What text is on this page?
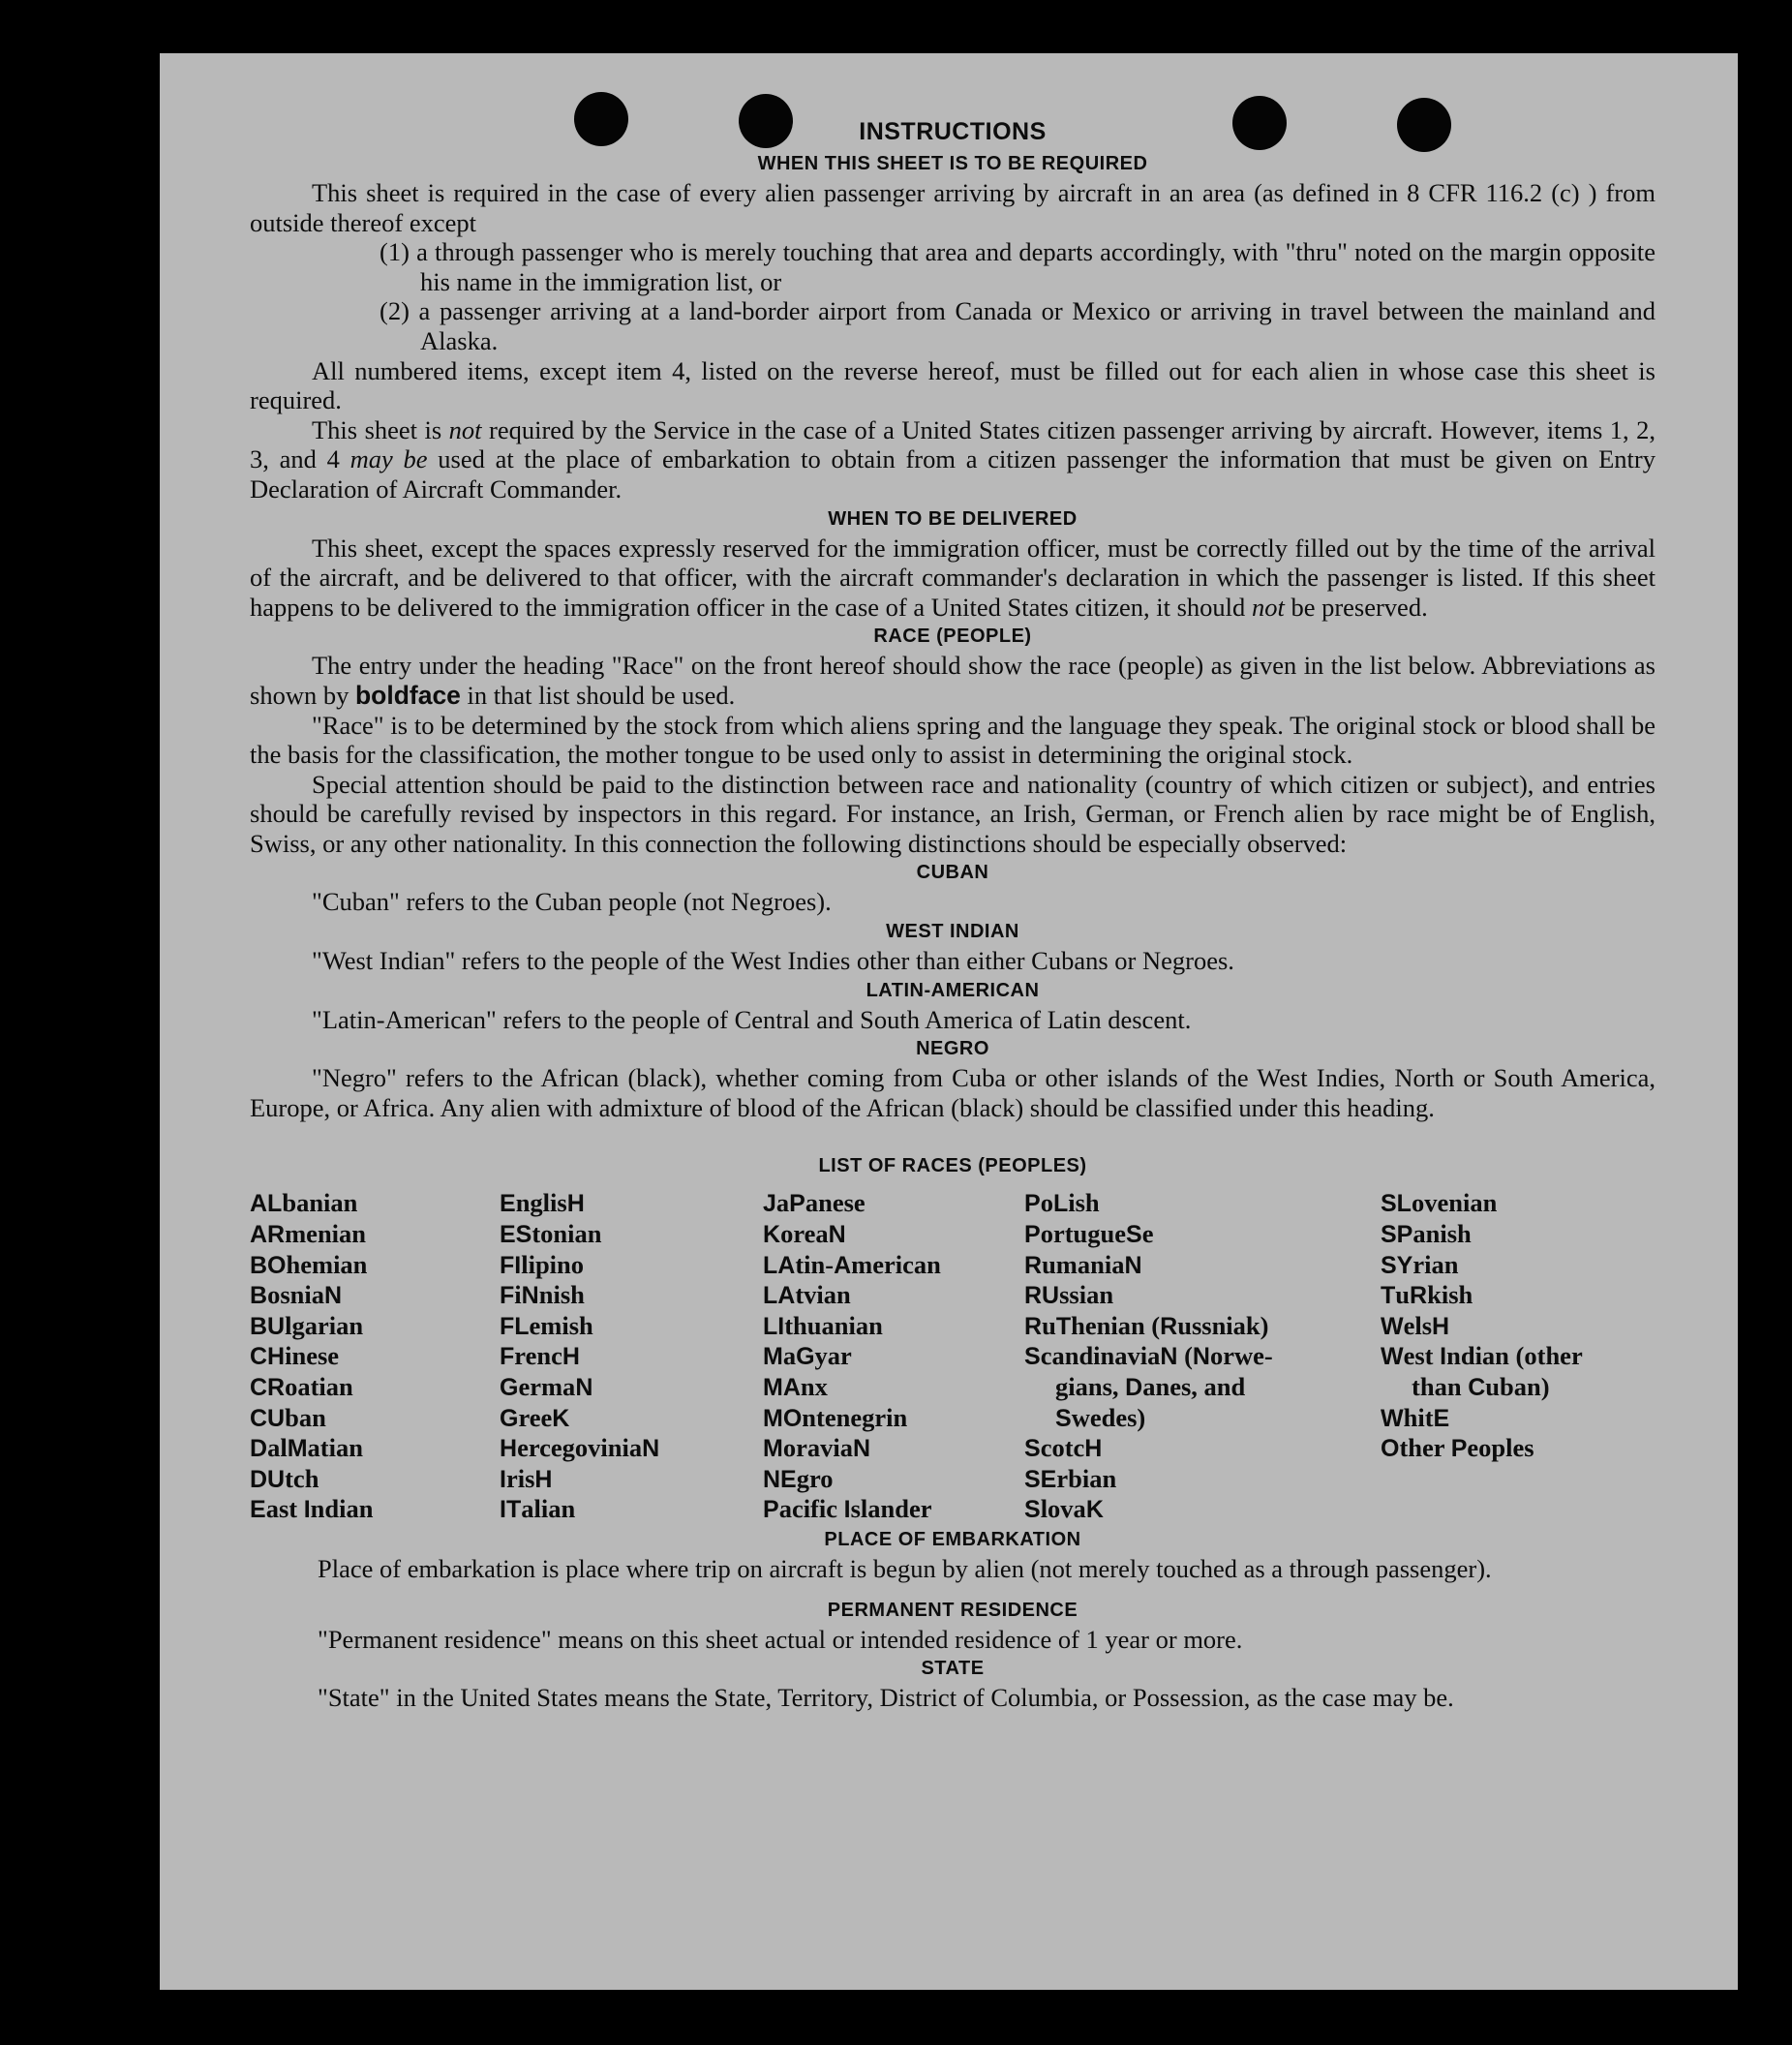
INSTRUCTIONS
WHEN THIS SHEET IS TO BE REQUIRED

This sheet is required in the case of every alien passenger arriving by aircraft in an area (as defined in 8 CFR 116.2 (c) ) from outside thereof except

(1) a through passenger who is merely touching that area and departs accordingly, with "thru" noted on the margin opposite his name in the immigration list, or

(2) a passenger arriving at a land-border airport from Canada or Mexico or arriving in travel between the mainland and Alaska.

All numbered items, except item 4, listed on the reverse hereof, must be filled out for each alien in whose case this sheet is required.

This sheet is not required by the Service in the case of a United States citizen passenger arriving by aircraft. However, items 1, 2, 3, and 4 may be used at the place of embarkation to obtain from a citizen passenger the information that must be given on Entry Declaration of Aircraft Commander.

WHEN TO BE DELIVERED

This sheet, except the spaces expressly reserved for the immigration officer, must be correctly filled out by the time of the arrival of the aircraft, and be delivered to that officer, with the aircraft commander's declaration in which the passenger is listed. If this sheet happens to be delivered to the immigration officer in the case of a United States citizen, it should not be preserved.

RACE (PEOPLE)

The entry under the heading "Race" on the front hereof should show the race (people) as given in the list below. Abbreviations as shown by boldface in that list should be used.

"Race" is to be determined by the stock from which aliens spring and the language they speak. The original stock or blood shall be the basis for the classification, the mother tongue to be used only to assist in determining the original stock.

Special attention should be paid to the distinction between race and nationality (country of which citizen or subject), and entries should be carefully revised by inspectors in this regard. For instance, an Irish, German, or French alien by race might be of English, Swiss, or any other nationality. In this connection the following distinctions should be especially observed:

CUBAN

"Cuban" refers to the Cuban people (not Negroes).

WEST INDIAN

"West Indian" refers to the people of the West Indies other than either Cubans or Negroes.

LATIN-AMERICAN

"Latin-American" refers to the people of Central and South America of Latin descent.

NEGRO

"Negro" refers to the African (black), whether coming from Cuba or other islands of the West Indies, North or South America, Europe, or Africa. Any alien with admixture of blood of the African (black) should be classified under this heading.

LIST OF RACES (PEOPLES)
ALbanian
ARmenian
BOhemian
BosniaN
BUlgarian
CHinese
CRoatian
CUban
DalMatian
DUtch
East Indian
EnglisH
EStonian
FIlipino
FiNnish
FLemish
FrencH
GermaN
GreeK
HercegoviniaN
IrisH
ITalian
JaPanese
KoreaN
LAtin-American
LAtvian
LIthuanian
MaGyar
MAnx
MOntenegrin
MoraviaN
NEgro
Pacific Islander
PoLish
PortugueSe
RumaniaN
RUssian
RuThenian (Russniak)
ScandinaviaN (Norwe-
gians, Danes, and
Swedes)
ScotcH
SErbian
SlovaK
SLovenian
SPanish
SYrian
TuRkish
WelsH
West Indian (other
than Cuban)
WhitE
Other Peoples
PLACE OF EMBARKATION

Place of embarkation is place where trip on aircraft is begun by alien (not merely touched as a through passenger).

PERMANENT RESIDENCE

"Permanent residence" means on this sheet actual or intended residence of 1 year or more.

STATE

"State" in the United States means the State, Territory, District of Columbia, or Possession, as the case may be.
